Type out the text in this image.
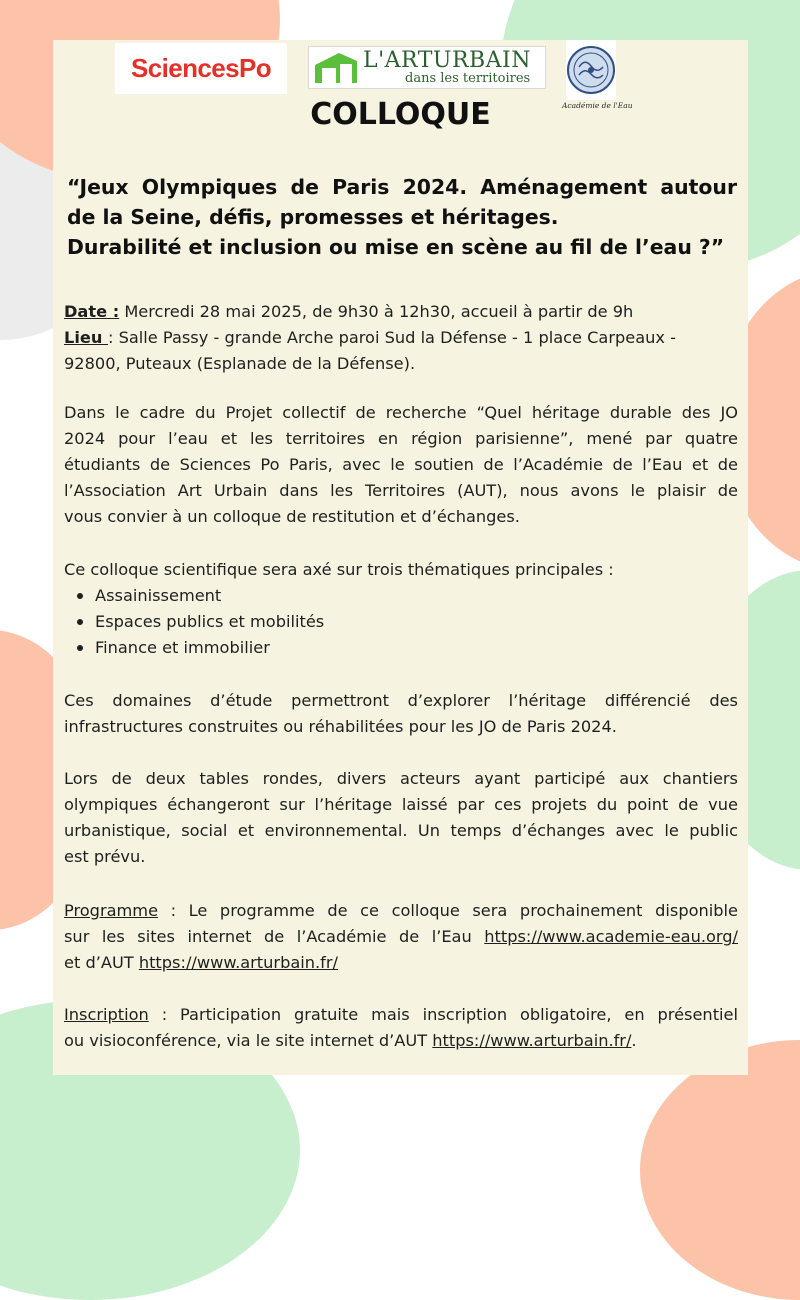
SciencesPo	L'ARTURBAIN
dans les territoires
Académie de l'Eau
COLLOQUE
“Jeux Olympiques de Paris 2024. Aménagement autour
de la Seine, défis, promesses et héritages.
Durabilité et inclusion ou mise en scène au fil de l’eau ?”
Date : Mercredi 28 mai 2025, de 9h30 à 12h30, accueil à partir de 9h
Lieu : Salle Passy - grande Arche paroi Sud la Défense - 1 place Carpeaux -
92800, Puteaux (Esplanade de la Défense).
Dans le cadre du Projet collectif de recherche “Quel héritage durable des JO
2024 pour l’eau et les territoires en région parisienne”, mené par quatre
étudiants de Sciences Po Paris, avec le soutien de l’Académie de l’Eau et de
l’Association Art Urbain dans les Territoires (AUT), nous avons le plaisir de
vous convier à un colloque de restitution et d’échanges.
Ce colloque scientifique sera axé sur trois thématiques principales :
Assainissement
Espaces publics et mobilités
Finance et immobilier
Ces domaines d’étude permettront d’explorer l’héritage différencié des
infrastructures construites ou réhabilitées pour les JO de Paris 2024.
Lors de deux tables rondes, divers acteurs ayant participé aux chantiers
olympiques échangeront sur l’héritage laissé par ces projets du point de vue
urbanistique, social et environnemental. Un temps d’échanges avec le public
est prévu.
Programme : Le programme de ce colloque sera prochainement disponible
sur les sites internet de l’Académie de l’Eau https://www.academie-eau.org/
et d’AUT https://www.arturbain.fr/
Inscription : Participation gratuite mais inscription obligatoire, en présentiel
ou visioconférence, via le site internet d’AUT https://www.arturbain.fr/.
